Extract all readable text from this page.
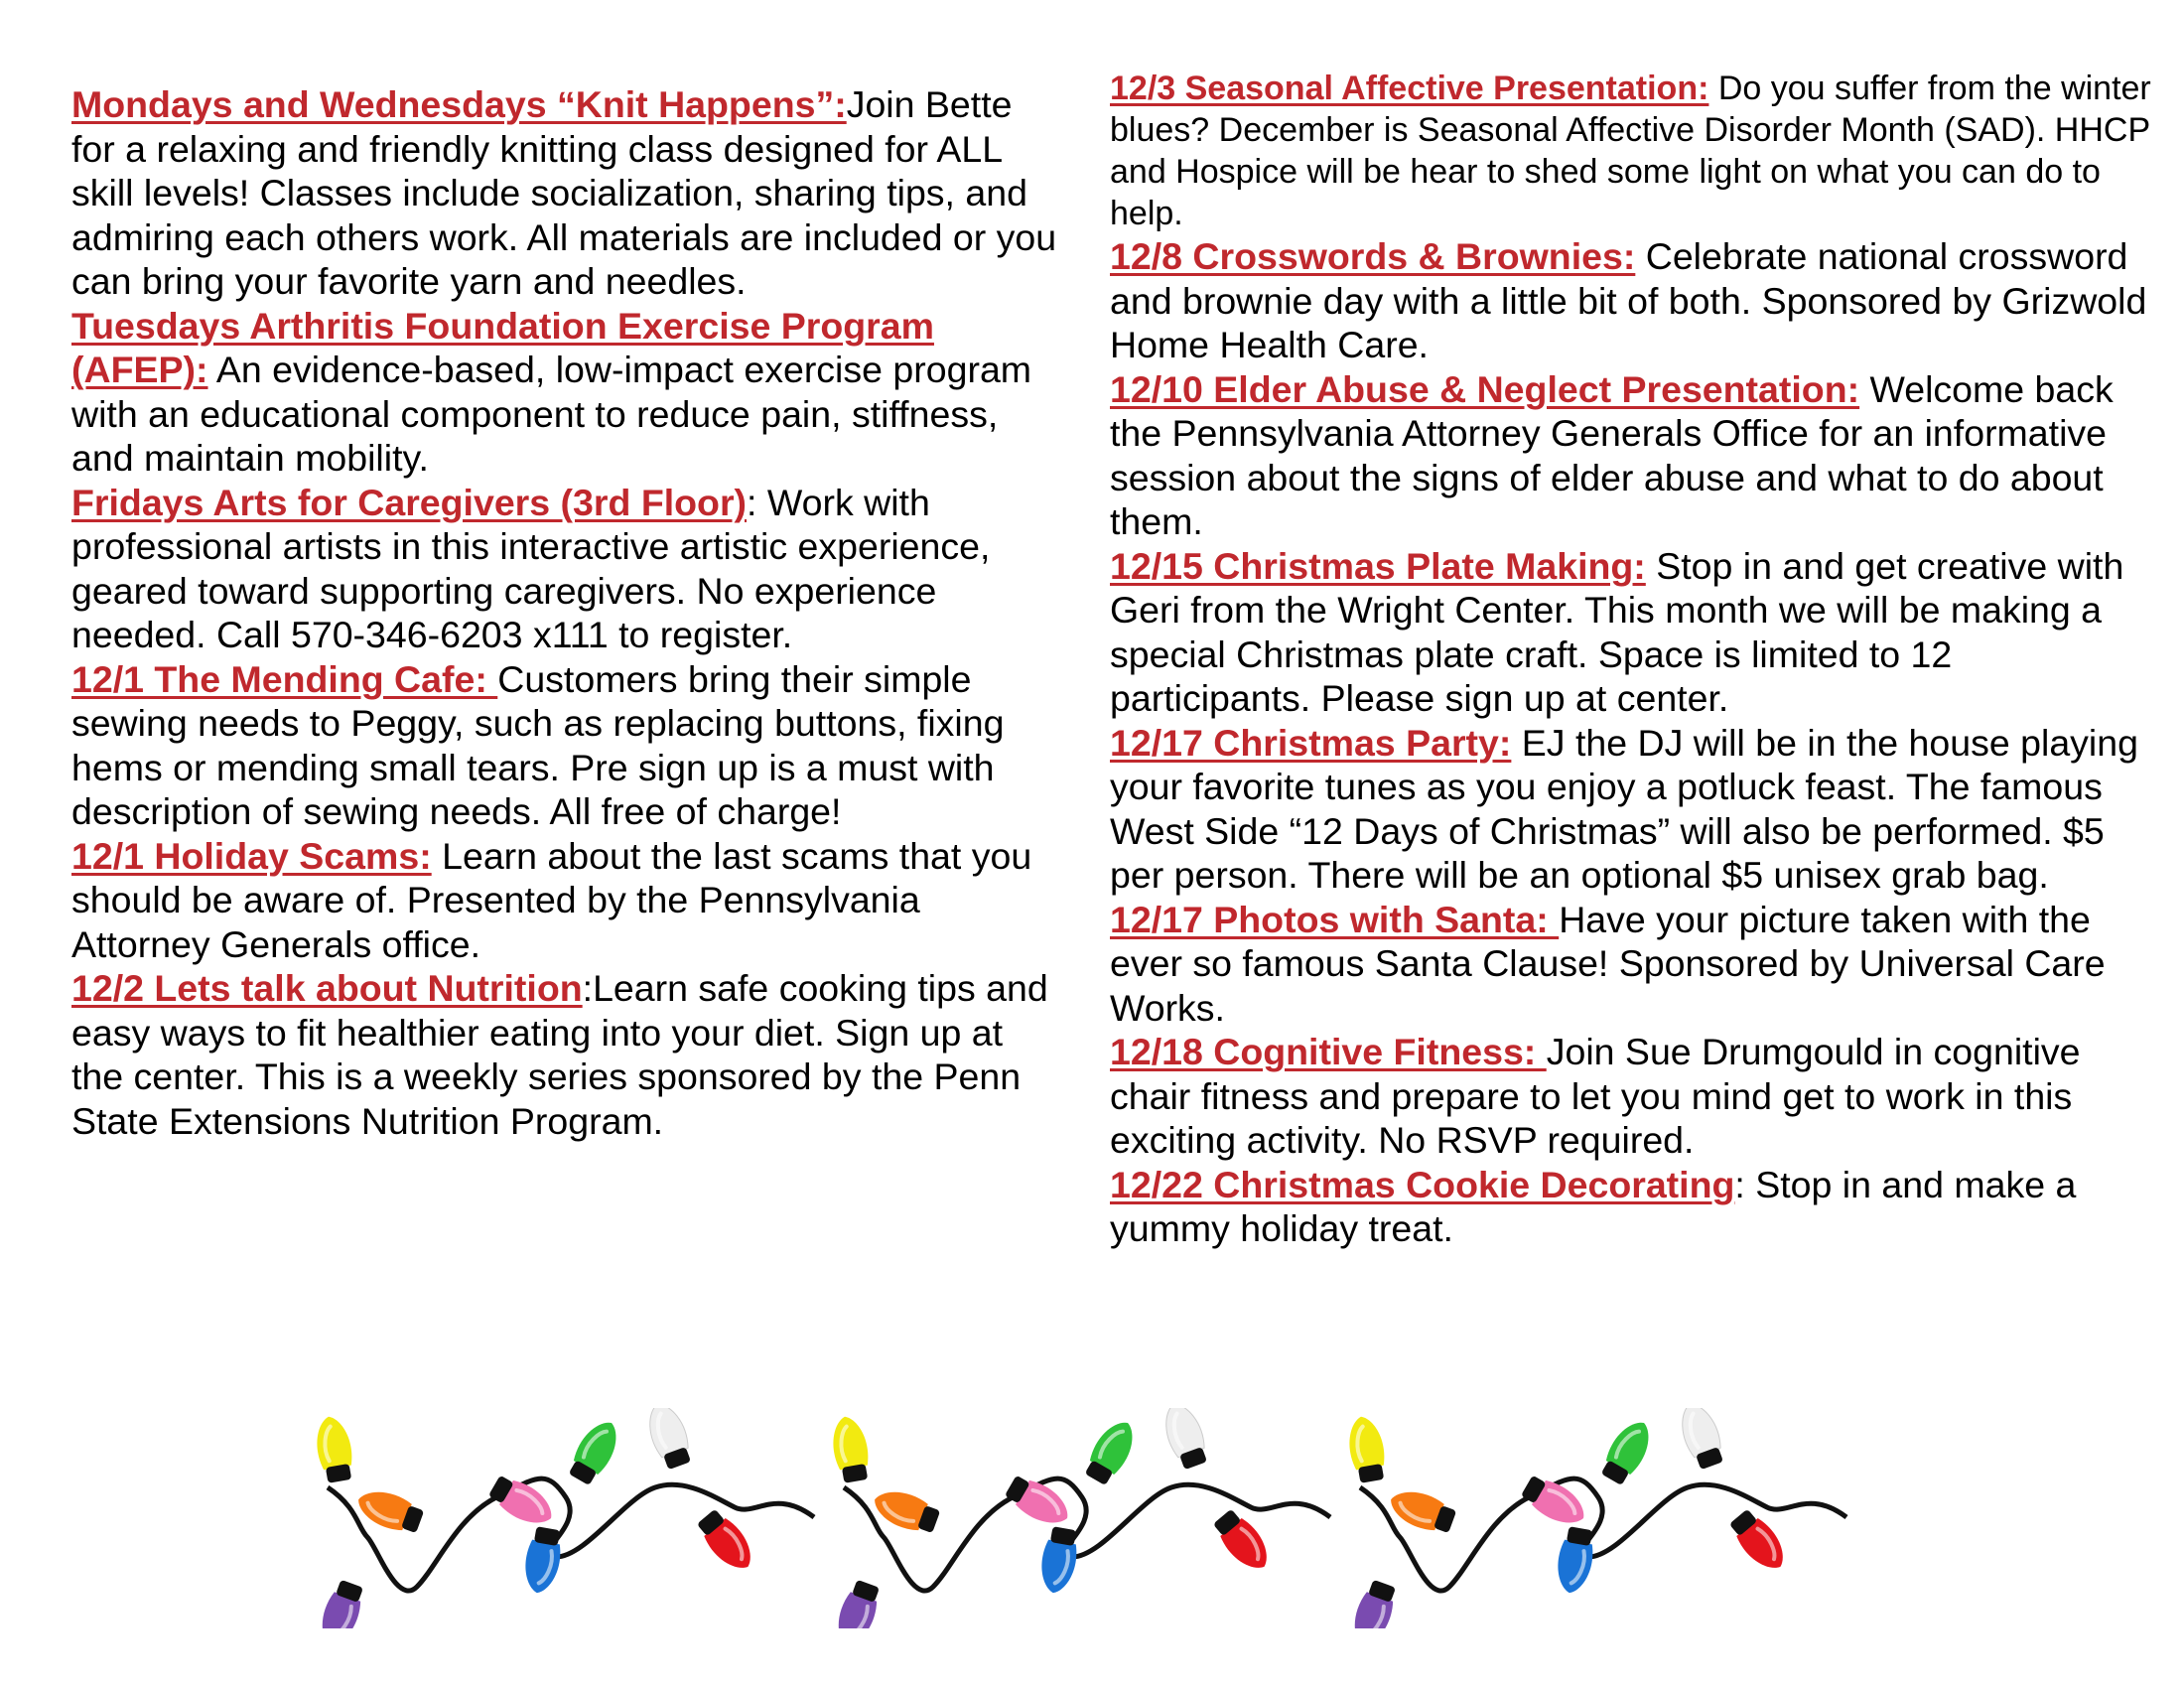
Mondays and Wednesdays “Knit Happens”:Join Bette for a relaxing and friendly knitting class designed for ALL skill levels! Classes include socialization, sharing tips, and admiring each others work. All materials are included or you can bring your favorite yarn and needles.

Tuesdays Arthritis Foundation Exercise Program (AFEP): An evidence-based, low-impact exercise program with an educational component to reduce pain, stiffness, and maintain mobility.

Fridays Arts for Caregivers (3rd Floor): Work with professional artists in this interactive artistic experience, geared toward supporting caregivers. No experience needed. Call 570-346-6203 x111 to register.

12/1 The Mending Cafe: Customers bring their simple sewing needs to Peggy, such as replacing buttons, fixing hems or mending small tears. Pre sign up is a must with description of sewing needs. All free of charge!

12/1 Holiday Scams: Learn about the last scams that you should be aware of. Presented by the Pennsylvania Attorney Generals office.

12/2 Lets talk about Nutrition:Learn safe cooking tips and easy ways to fit healthier eating into your diet. Sign up at the center. This is a weekly series sponsored by the Penn State Extensions Nutrition Program.

12/3 Seasonal Affective Presentation: Do you suffer from the winter blues? December is Seasonal Affective Disorder Month (SAD). HHCP and Hospice will be hear to shed some light on what you can do to help.

12/8 Crosswords & Brownies: Celebrate national crossword and brownie day with a little bit of both. Sponsored by Grizwold Home Health Care.

12/10 Elder Abuse & Neglect Presentation: Welcome back the Pennsylvania Attorney Generals Office for an informative session about the signs of elder abuse and what to do about them.

12/15 Christmas Plate Making: Stop in and get creative with Geri from the Wright Center. This month we will be making a special Christmas plate craft. Space is limited to 12 participants. Please sign up at center.

12/17 Christmas Party: EJ the DJ will be in the house playing your favorite tunes as you enjoy a potluck feast. The famous West Side “12 Days of Christmas” will also be performed. $5 per person. There will be an optional $5 unisex grab bag.

12/17 Photos with Santa: Have your picture taken with the ever so famous Santa Clause! Sponsored by Universal Care Works.

12/18 Cognitive Fitness: Join Sue Drumgould in cognitive chair fitness and prepare to let you mind get to work in this exciting activity. No RSVP required.

12/22 Christmas Cookie Decorating: Stop in and make a yummy holiday treat.
